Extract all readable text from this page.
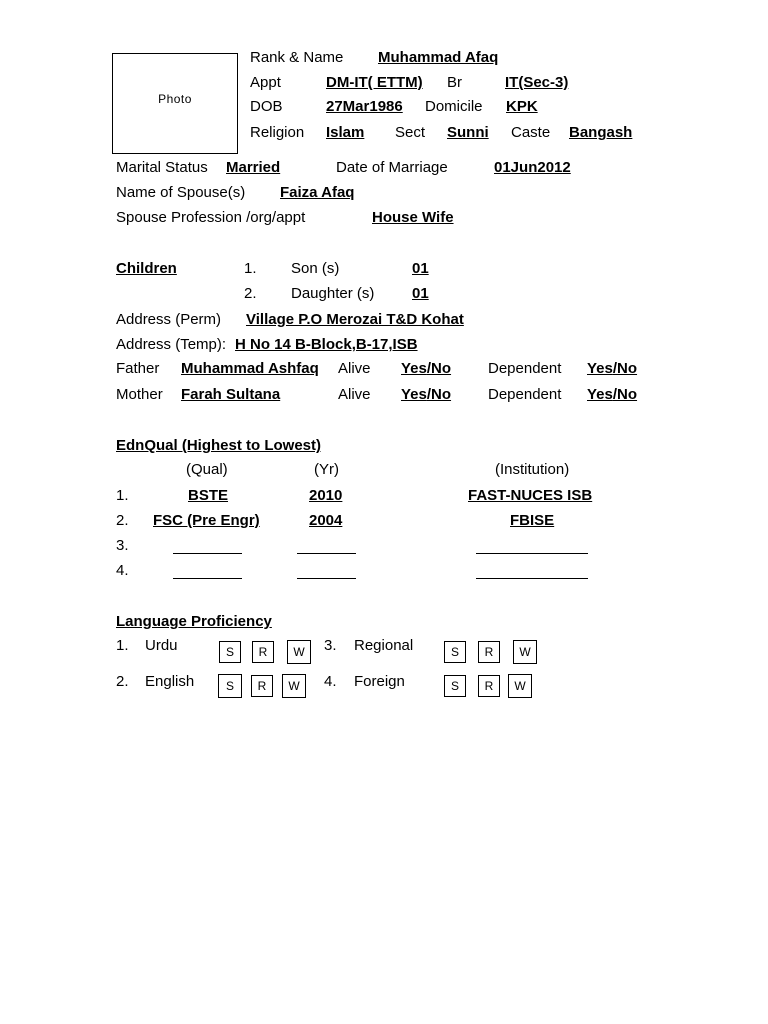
Photo
Rank & Name Muhammad Afaq
Appt	DM-IT( ETTM) Br	IT(Sec-3)
DOB	27Mar1986 Domicile KPK
Religion Islam Sect Sunni Caste Bangash
Marital Status Married	Date of Marriage	01Jun2012
Name of Spouse(s) Faiza Afaq
Spouse Profession /org/appt	House Wife
Children	1. Son (s)	01
2. Daughter (s)	01
Address (Perm) Village P.O Merozai T&D Kohat
Address (Temp): H No 14 B-Block,B-17,ISB
Father Muhammad Ashfaq Alive Yes/No Dependent Yes/No
Mother Farah Sultana	Alive Yes/No Dependent Yes/No
EdnQual (Highest to Lowest)
(Qual)	(Yr)	(Institution)
1.	BSTE	2010	FAST-NUCES ISB
2. FSC (Pre Engr)	2004	FBISE
3.
4.
Language Proficiency
1. Urdu	S	R	W	3. Regional	S	R	W
2. English	S	R	W	4. Foreign	S	R	W
